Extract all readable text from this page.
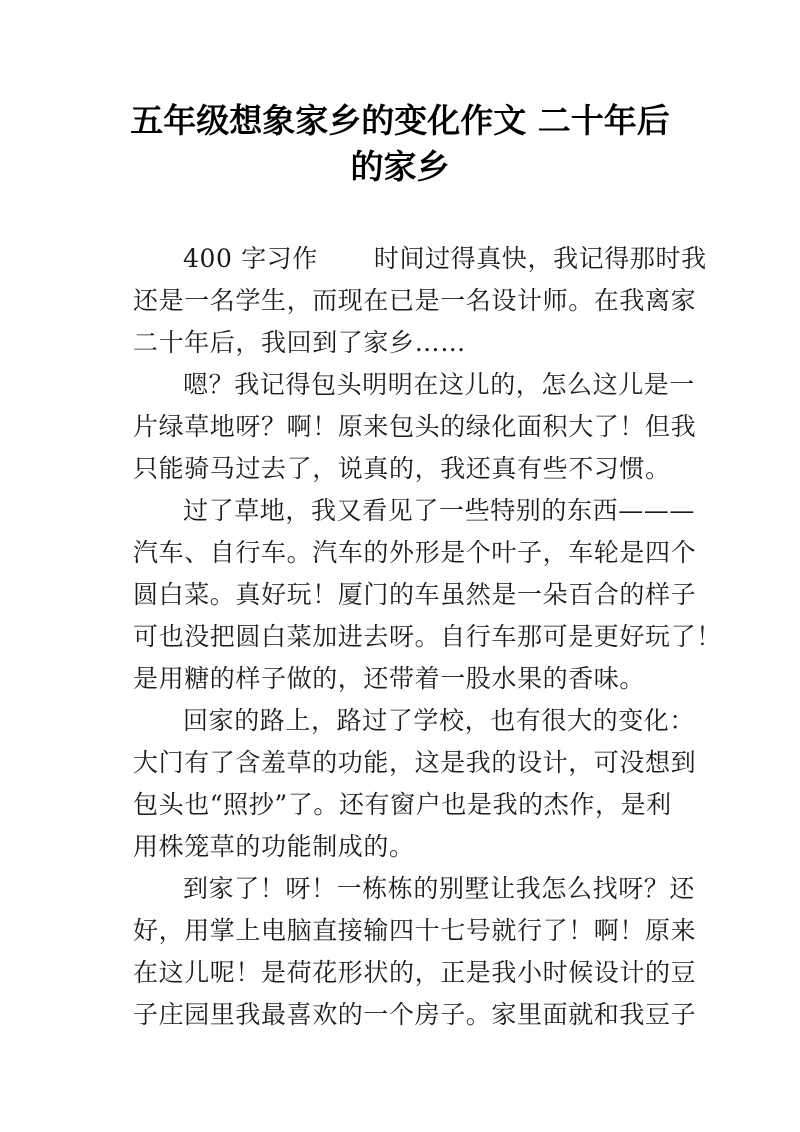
五年级想象家乡的变化作文 二十年后
的家乡
400 字习作 时间过得真快，我记得那时我
还是一名学生，而现在已是一名设计师。在我离家
二十年后，我回到了家乡……
嗯？我记得包头明明在这儿的，怎么这儿是一
片绿草地呀？啊！原来包头的绿化面积大了！但我
只能骑马过去了，说真的，我还真有些不习惯。
过了草地，我又看见了一些特别的东西———
汽车、自行车。汽车的外形是个叶子，车轮是四个
圆白菜。真好玩！厦门的车虽然是一朵百合的样子
可也没把圆白菜加进去呀。自行车那可是更好玩了！
是用糖的样子做的，还带着一股水果的香味。
回家的路上，路过了学校，也有很大的变化：
大门有了含羞草的功能，这是我的设计，可没想到
包头也“照抄”了。还有窗户也是我的杰作，是利
用株笼草的功能制成的。
到家了！呀！一栋栋的别墅让我怎么找呀？还
好，用掌上电脑直接输四十七号就行了！啊！原来
在这儿呢！是荷花形状的，正是我小时候设计的豆
子庄园里我最喜欢的一个房子。家里面就和我豆子
